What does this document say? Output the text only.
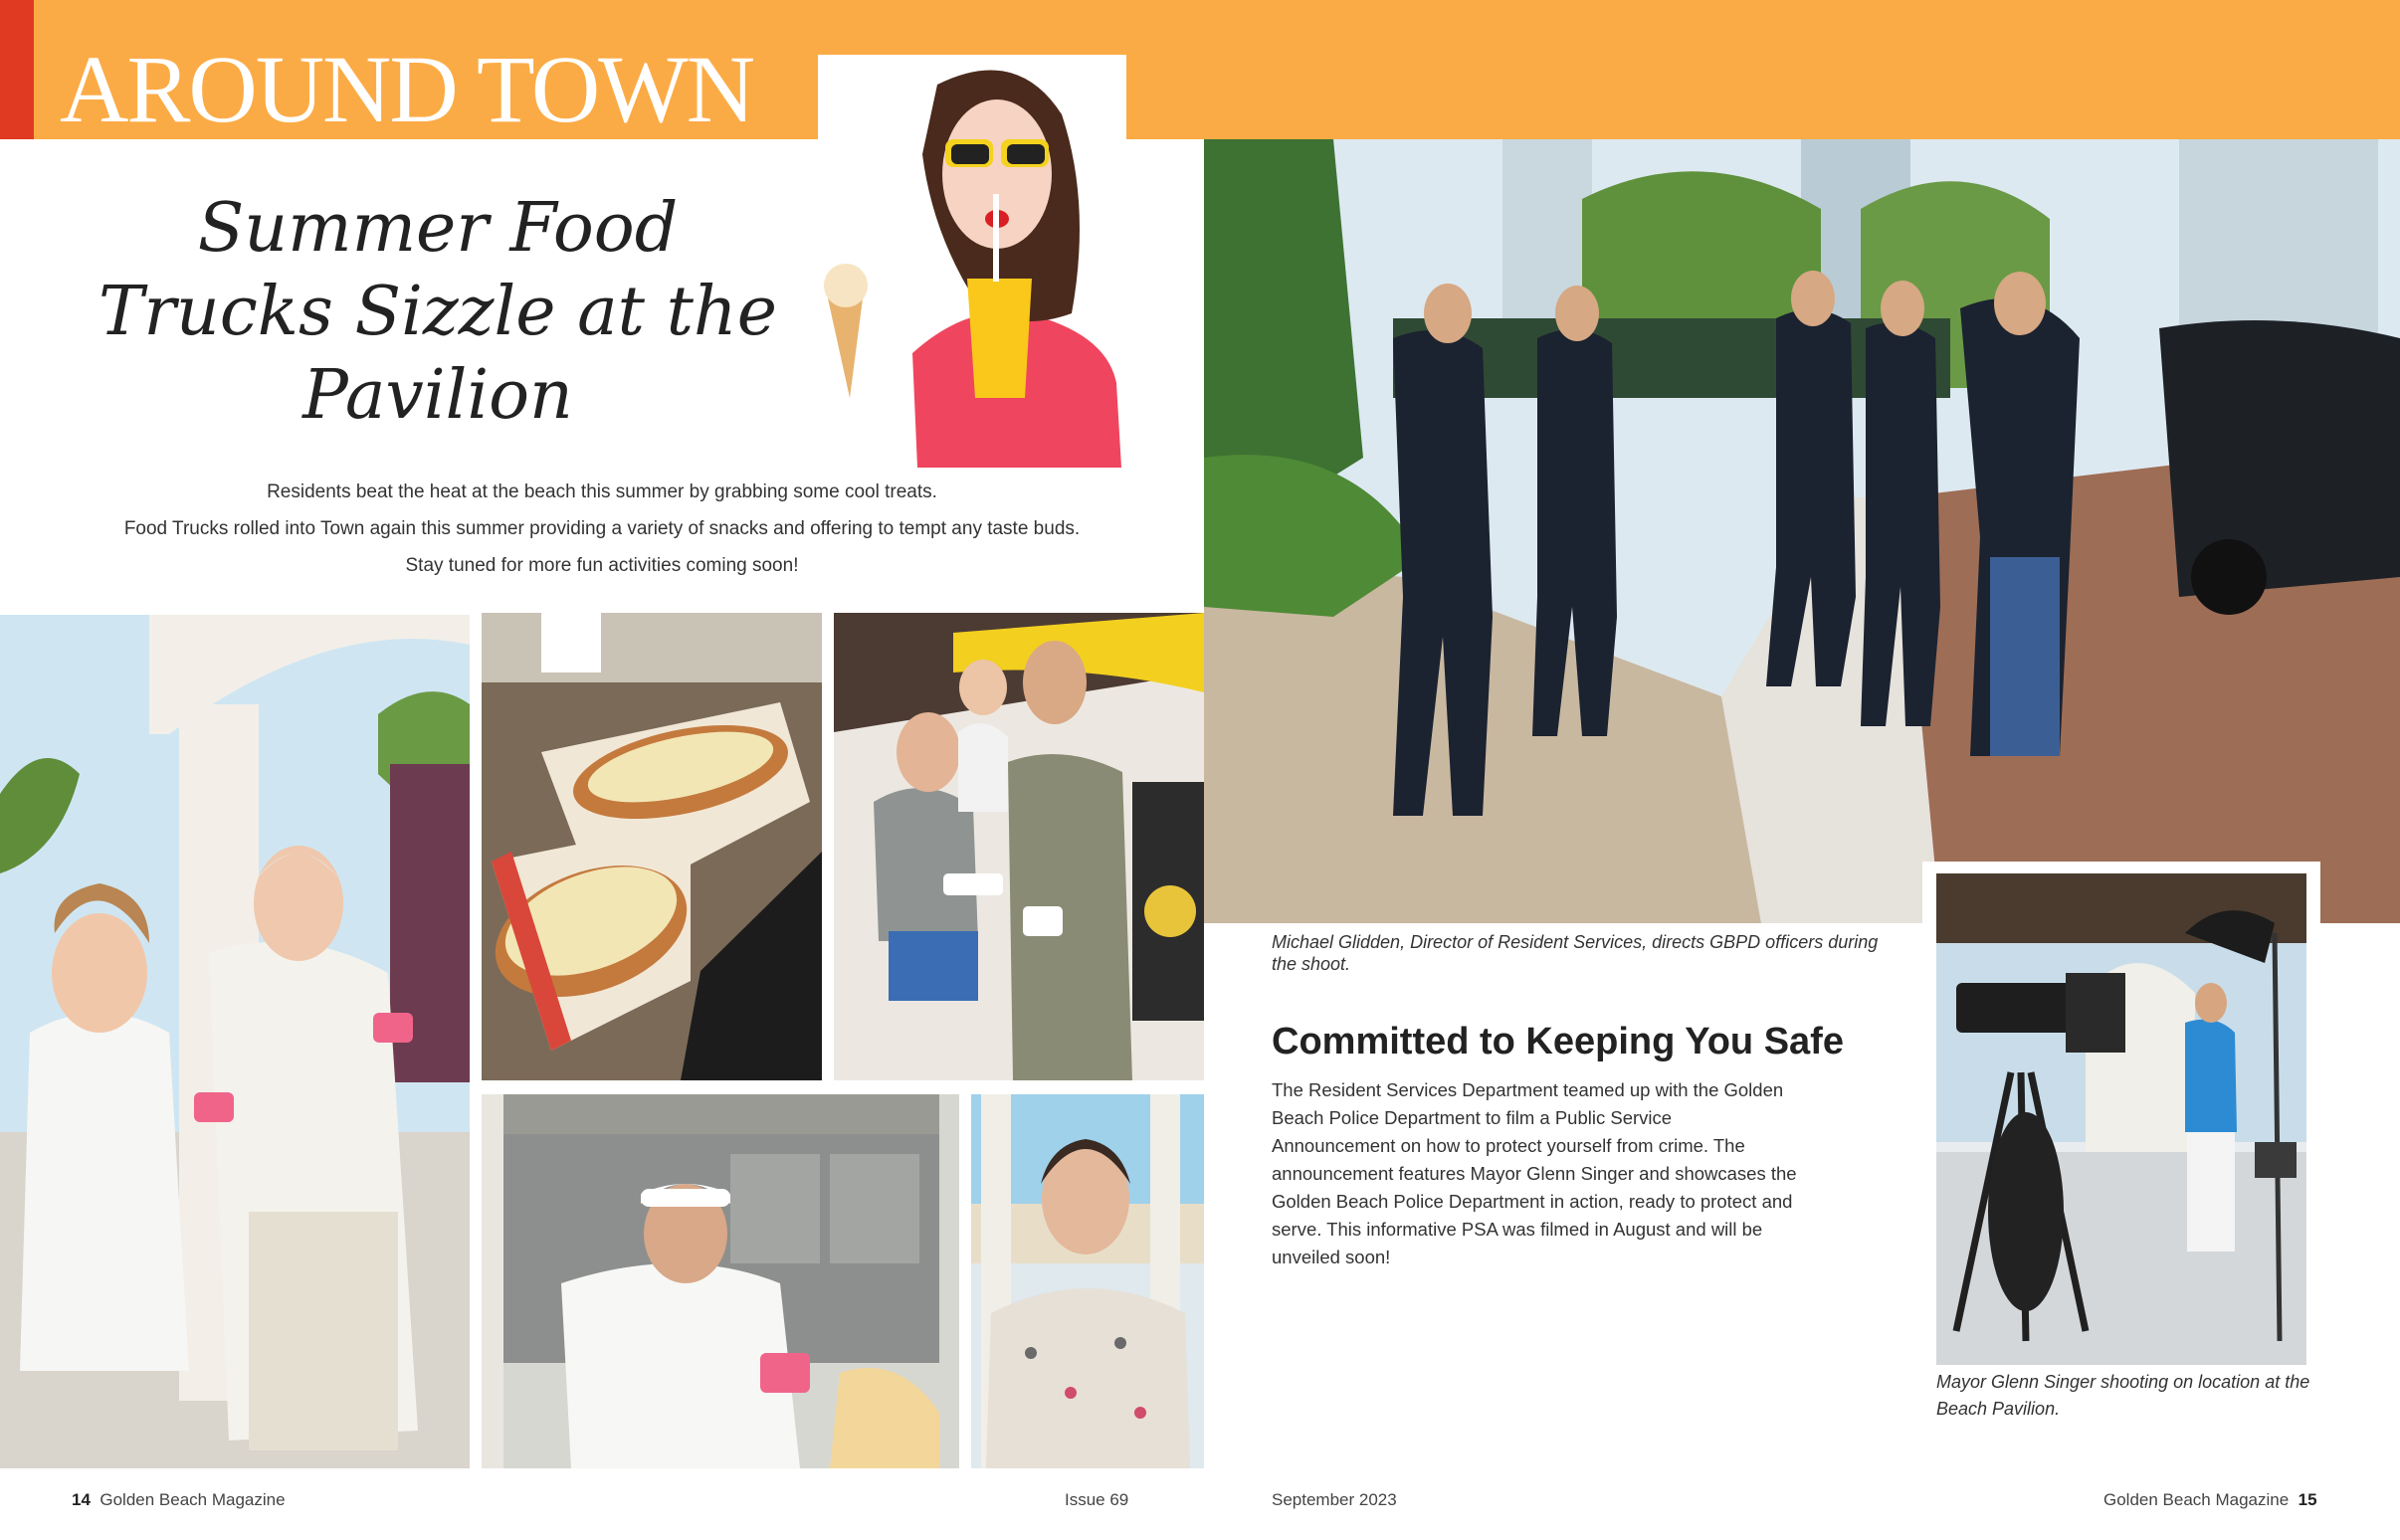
AROUND TOWN
Summer Food Trucks Sizzle at the Pavilion
Residents beat the heat at the beach this summer by grabbing some cool treats.
Food Trucks rolled into Town again this summer providing a variety of snacks and offering to tempt any taste buds.
Stay tuned for more fun activities coming soon!
Michael Glidden, Director of Resident Services, directs GBPD officers during the shoot.
Committed to Keeping You Safe
The Resident Services Department teamed up with the Golden Beach Police Department to film a Public Service Announcement on how to protect yourself from crime. The announcement features Mayor Glenn Singer and showcases the Golden Beach Police Department in action, ready to protect and serve. This informative PSA was filmed in August and will be unveiled soon!
Mayor Glenn Singer shooting on location at the Beach Pavilion.
14 Golden Beach Magazine	Issue 69	September 2023	Golden Beach Magazine 15
